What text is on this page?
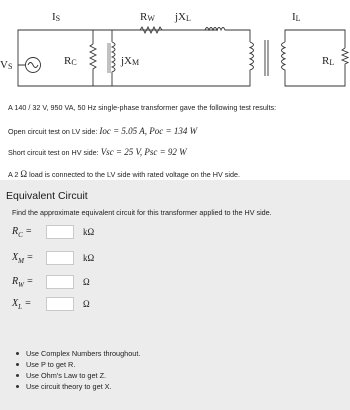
IS	RW jXL	IL
VS	RC	jXM	RL
A 140 / 32 V, 950 VA, 50 Hz single-phase transformer gave the following test results:
Open circuit test on LV side: Ioc = 5.05 A, Poc = 134 W
Short circuit test on HV side: Vsc = 25 V, Psc = 92 W
A 2 Ω load is connected to the LV side with rated voltage on the HV side.
Equivalent Circuit
Find the approximate equivalent circuit for this transformer applied to the HV side.
$R_C$ =	kΩ
$X_M$ =	kΩ
$R_W$ =	Ω
$X_L$ =	Ω
Use Complex Numbers throughout.
Use P to get R.
Use Ohm's Law to get Z.
Use circuit theory to get X.
